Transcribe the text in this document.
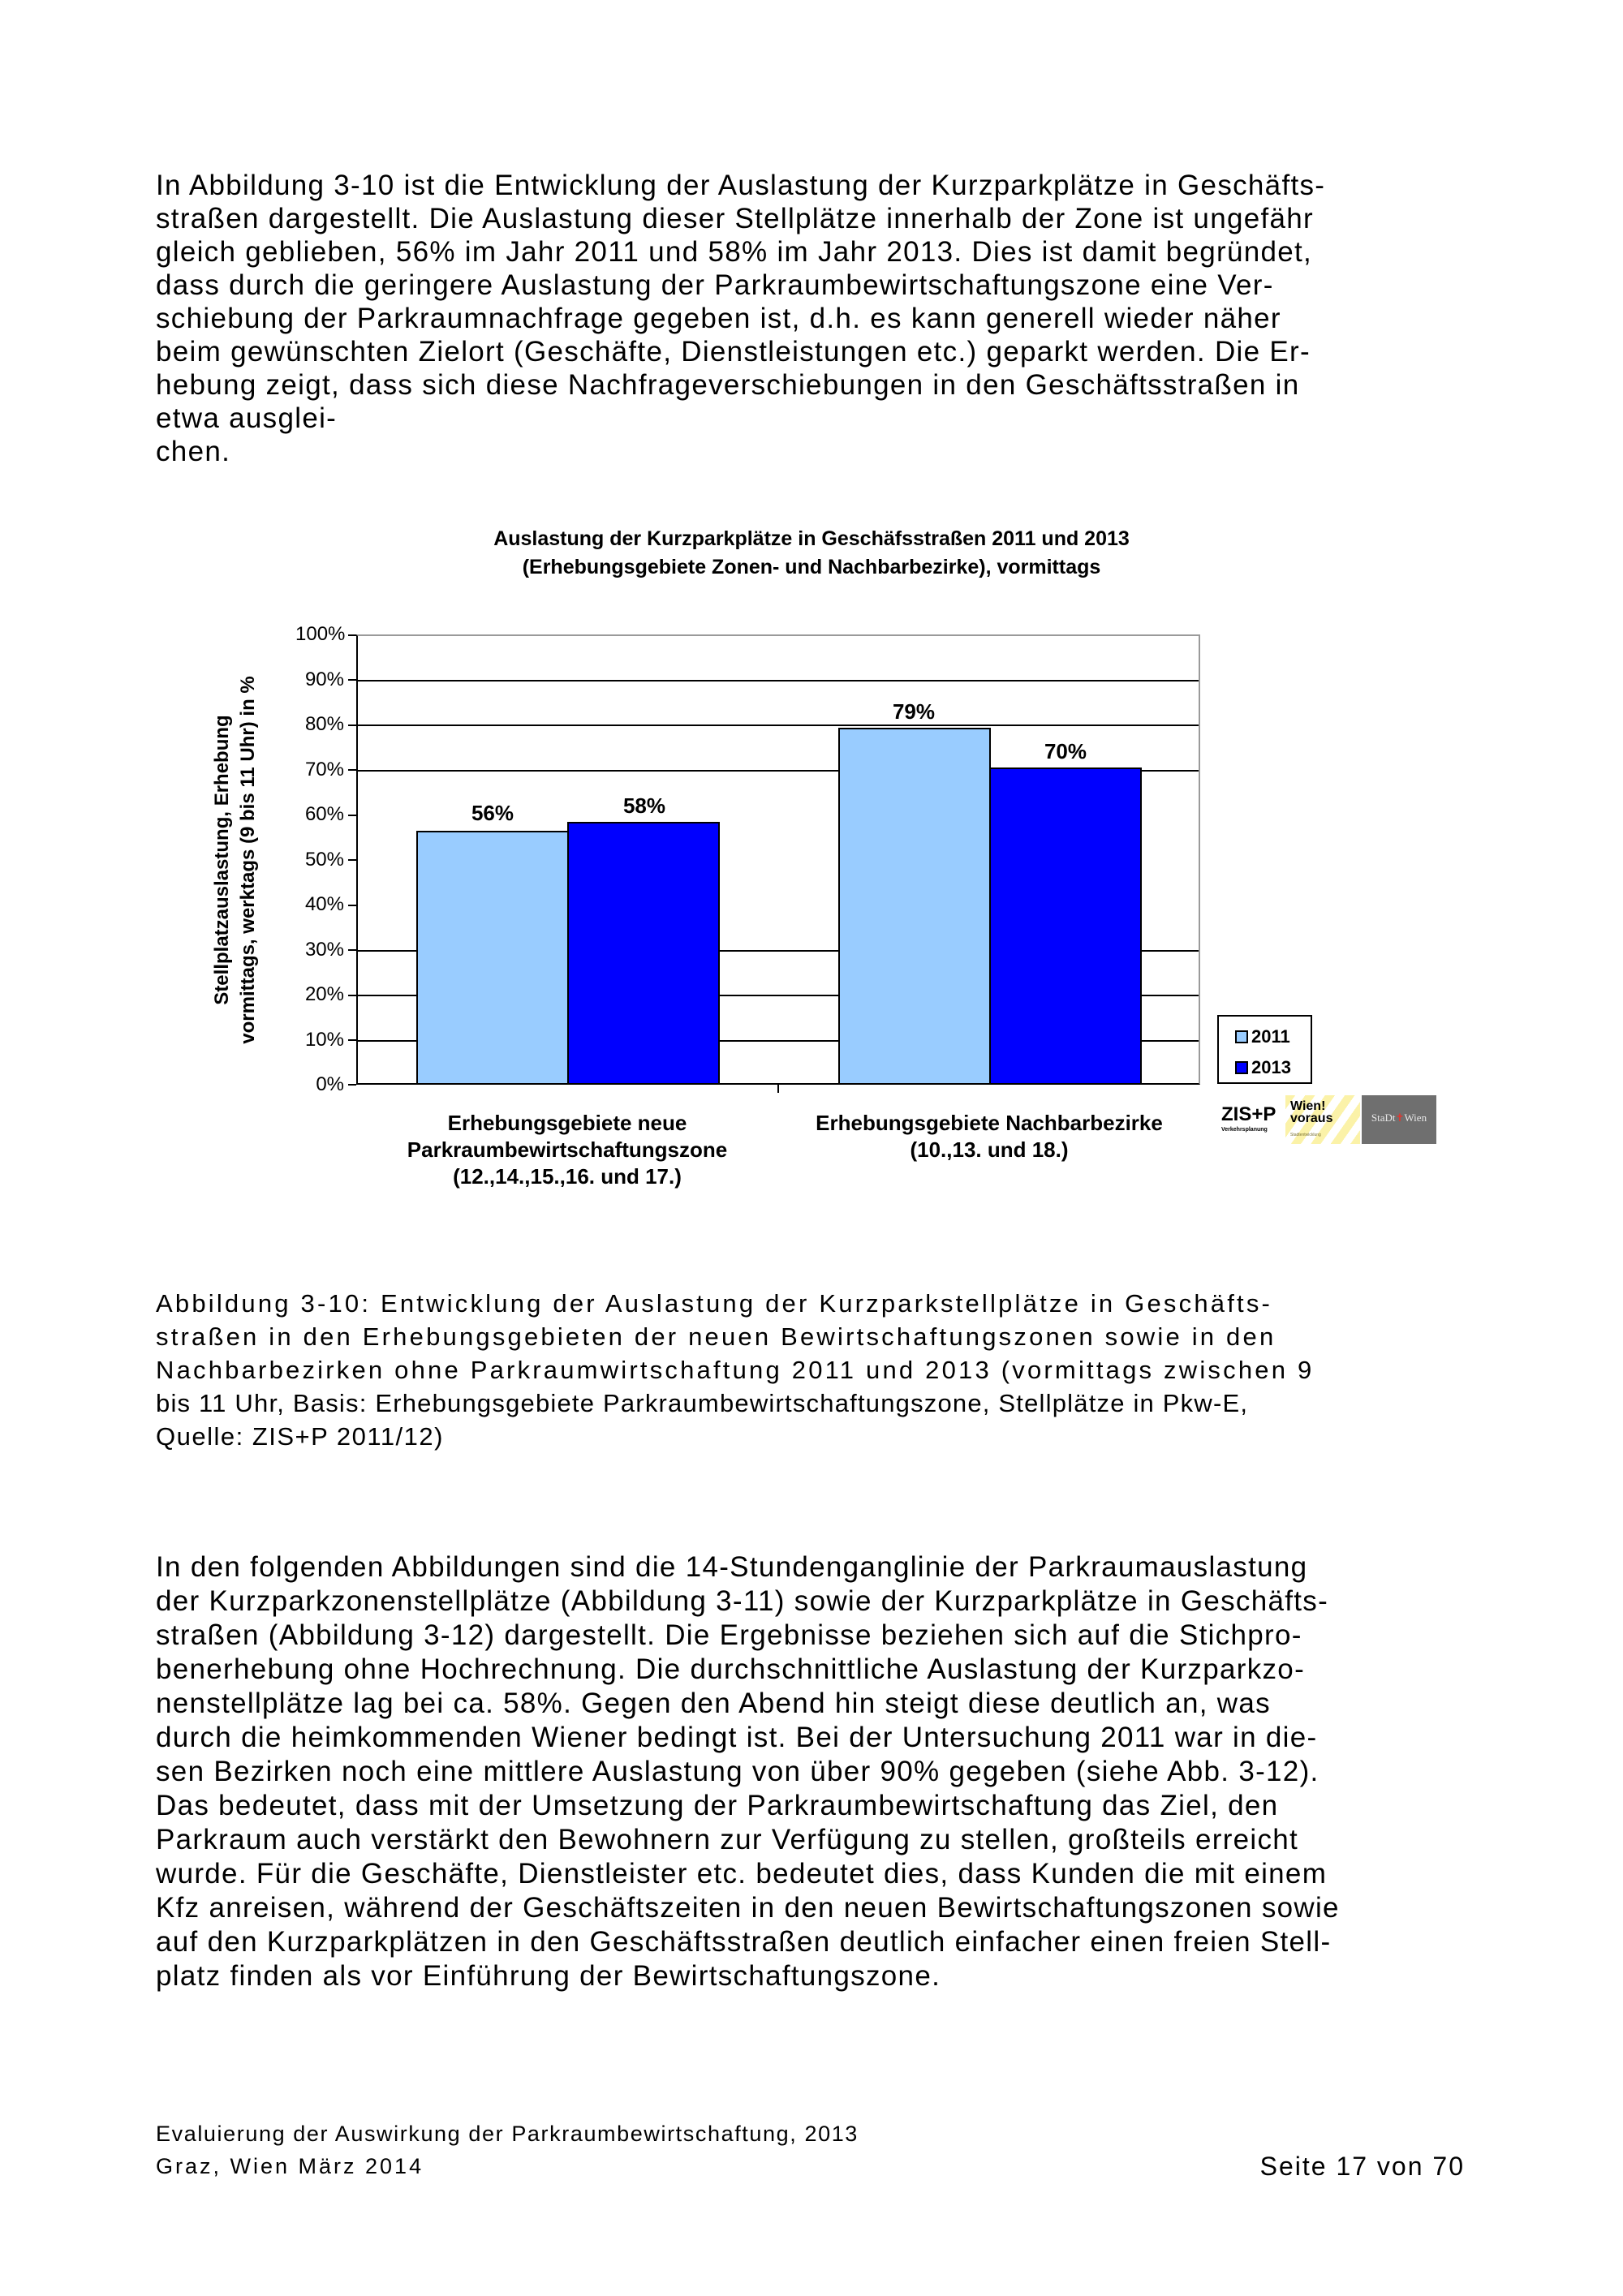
In Abbildung 3-10 ist die Entwicklung der Auslastung der Kurzparkplätze in Geschäfts-
straßen dargestellt. Die Auslastung dieser Stellplätze innerhalb der Zone ist ungefähr
gleich geblieben, 56% im Jahr 2011 und 58% im Jahr 2013. Dies ist damit begründet,
dass durch die geringere Auslastung der Parkraumbewirtschaftungszone eine Ver-
schiebung der Parkraumnachfrage gegeben ist, d.h. es kann generell wieder näher
beim gewünschten Zielort (Geschäfte, Dienstleistungen etc.) geparkt werden. Die Er-
hebung zeigt, dass sich diese Nachfrageverschiebungen in den Geschäftsstraßen in
etwa ausglei-
chen.
Auslastung der Kurzparkplätze in Geschäfsstraßen 2011 und 2013
(Erhebungsgebiete Zonen- und Nachbarbezirke), vormittags
Stellplatzauslastung, Erhebung vormittags, werktags (9 bis 11 Uhr) in %
100%
90%
80%
70%
60%
50%
40%
30%
20%
10%
0%
56%	58%
79%
70%
Erhebungsgebiete neue
Parkraumbewirtschaftungszone
(12.,14.,15.,16. und 17.)
Erhebungsgebiete Nachbarbezirke
(10.,13. und 18.)
2011
2013
ZIS+P
Verkehrsplanung
Wien!
voraus
Stadtentwicklung
StaDt✝Wien
Abbildung 3-10: Entwicklung der Auslastung der Kurzparkstellplätze in Geschäfts-
straßen in den Erhebungsgebieten der neuen Bewirtschaftungszonen sowie in den
Nachbarbezirken ohne Parkraumwirtschaftung 2011 und 2013 (vormittags zwischen 9
bis 11 Uhr, Basis: Erhebungsgebiete Parkraumbewirtschaftungszone, Stellplätze in Pkw-E,
Quelle: ZIS+P 2011/12)
In den folgenden Abbildungen sind die 14-Stundenganglinie der Parkraumauslastung
der Kurzparkzonenstellplätze (Abbildung 3-11) sowie der Kurzparkplätze in Geschäfts-
straßen (Abbildung 3-12) dargestellt. Die Ergebnisse beziehen sich auf die Stichpro-
benerhebung ohne Hochrechnung. Die durchschnittliche Auslastung der Kurzparkzo-
nenstellplätze lag bei ca. 58%. Gegen den Abend hin steigt diese deutlich an, was
durch die heimkommenden Wiener bedingt ist. Bei der Untersuchung 2011 war in die-
sen Bezirken noch eine mittlere Auslastung von über 90% gegeben (siehe Abb. 3-12).
Das bedeutet, dass mit der Umsetzung der Parkraumbewirtschaftung das Ziel, den
Parkraum auch verstärkt den Bewohnern zur Verfügung zu stellen, großteils erreicht
wurde. Für die Geschäfte, Dienstleister etc. bedeutet dies, dass Kunden die mit einem
Kfz anreisen, während der Geschäftszeiten in den neuen Bewirtschaftungszonen sowie
auf den Kurzparkplätzen in den Geschäftsstraßen deutlich einfacher einen freien Stell-
platz finden als vor Einführung der Bewirtschaftungszone.
Evaluierung der Auswirkung der Parkraumbewirtschaftung, 2013
Graz, Wien März 2014	Seite 17 von 70
